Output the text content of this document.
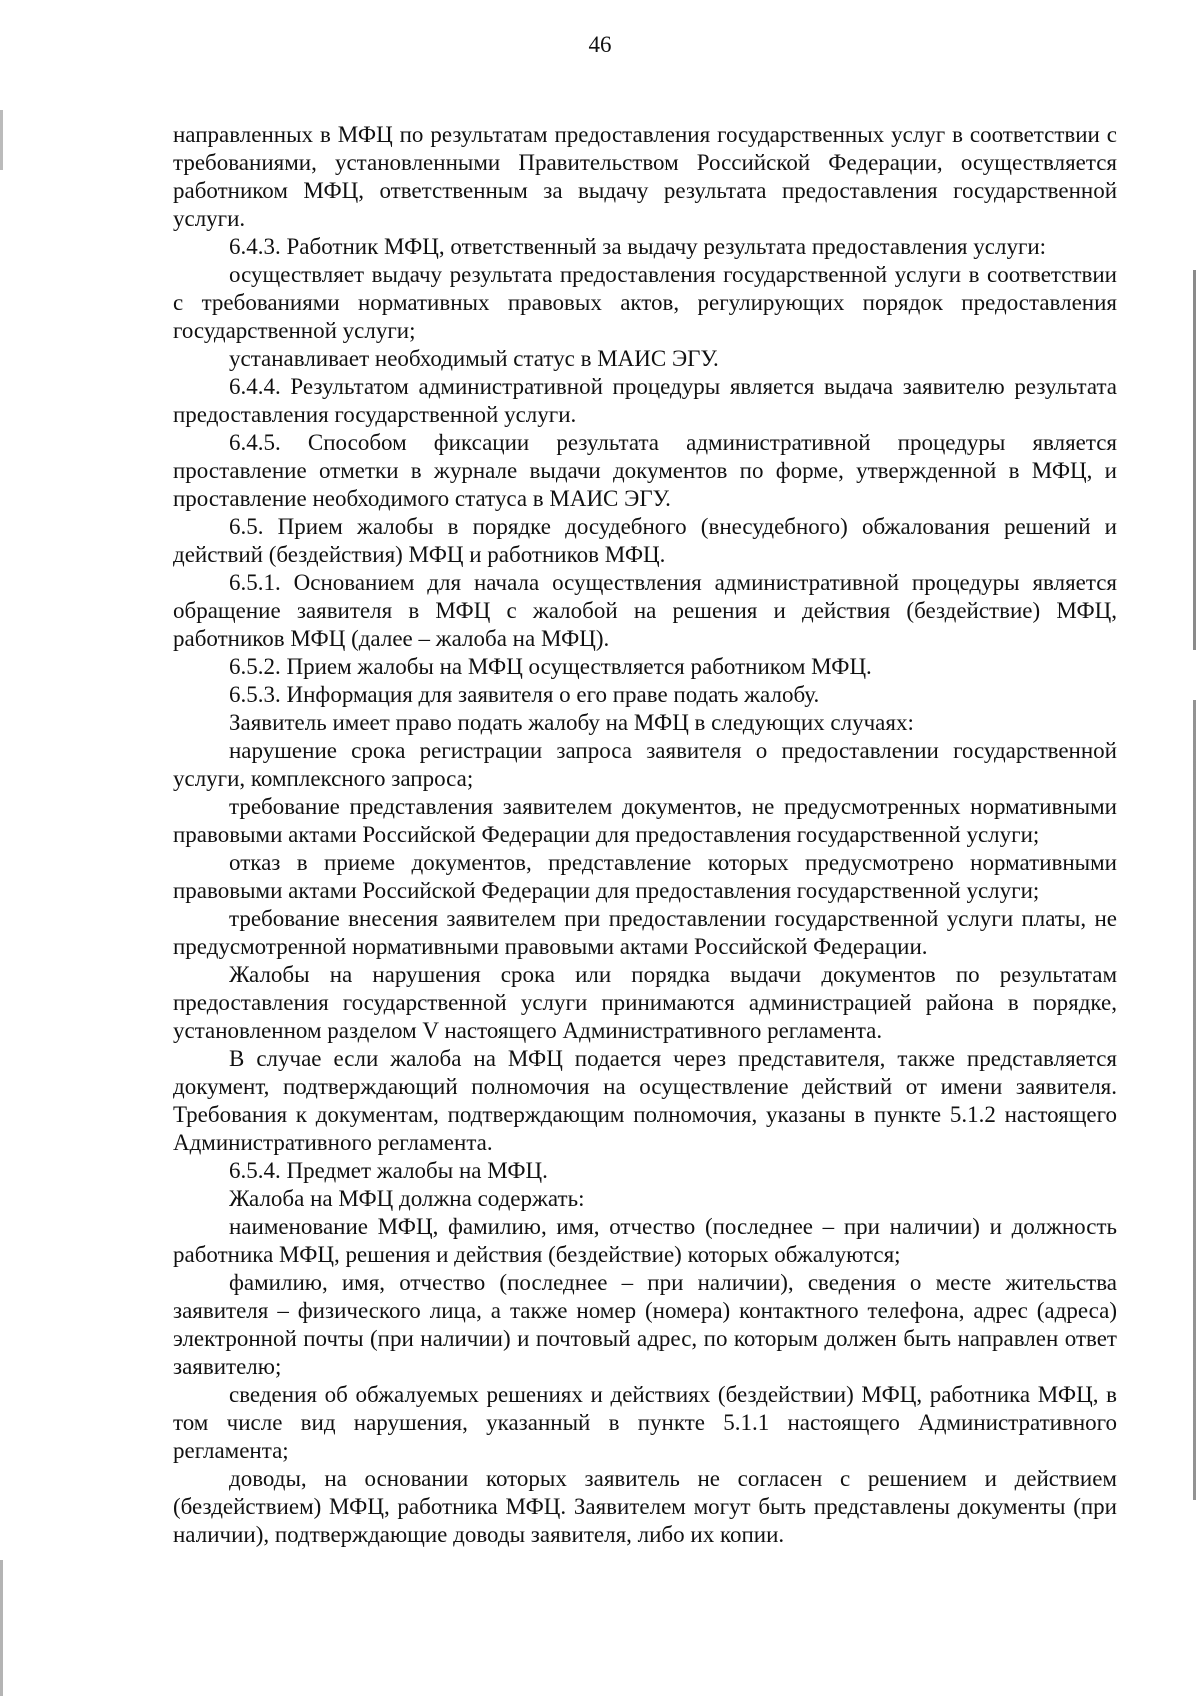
46

направленных в МФЦ по результатам предоставления государственных услуг в соответствии с требованиями, установленными Правительством Российской Федерации, осуществляется работником МФЦ, ответственным за выдачу результата предоставления государственной услуги.

6.4.3. Работник МФЦ, ответственный за выдачу результата предоставления услуги:

осуществляет выдачу результата предоставления государственной услуги в соответствии с требованиями нормативных правовых актов, регулирующих порядок предоставления государственной услуги;

устанавливает необходимый статус в МАИС ЭГУ.

6.4.4. Результатом административной процедуры является выдача заявителю результата предоставления государственной услуги.

6.4.5. Способом фиксации результата административной процедуры является проставление отметки в журнале выдачи документов по форме, утвержденной в МФЦ, и проставление необходимого статуса в МАИС ЭГУ.

6.5. Прием жалобы в порядке досудебного (внесудебного) обжалования решений и действий (бездействия) МФЦ и работников МФЦ.

6.5.1. Основанием для начала осуществления административной процедуры является обращение заявителя в МФЦ с жалобой на решения и действия (бездействие) МФЦ, работников МФЦ (далее – жалоба на МФЦ).

6.5.2. Прием жалобы на МФЦ осуществляется работником МФЦ.

6.5.3. Информация для заявителя о его праве подать жалобу.

Заявитель имеет право подать жалобу на МФЦ в следующих случаях:

нарушение срока регистрации запроса заявителя о предоставлении государственной услуги, комплексного запроса;

требование представления заявителем документов, не предусмотренных нормативными правовыми актами Российской Федерации для предоставления государственной услуги;

отказ в приеме документов, представление которых предусмотрено нормативными правовыми актами Российской Федерации для предоставления государственной услуги;

требование внесения заявителем при предоставлении государственной услуги платы, не предусмотренной нормативными правовыми актами Российской Федерации.

Жалобы на нарушения срока или порядка выдачи документов по результатам предоставления государственной услуги принимаются администрацией района в порядке, установленном разделом V настоящего Административного регламента.

В случае если жалоба на МФЦ подается через представителя, также представляется документ, подтверждающий полномочия на осуществление действий от имени заявителя. Требования к документам, подтверждающим полномочия, указаны в пункте 5.1.2 настоящего Административного регламента.

6.5.4. Предмет жалобы на МФЦ.

Жалоба на МФЦ должна содержать:

наименование МФЦ, фамилию, имя, отчество (последнее – при наличии) и должность работника МФЦ, решения и действия (бездействие) которых обжалуются;

фамилию, имя, отчество (последнее – при наличии), сведения о месте жительства заявителя – физического лица, а также номер (номера) контактного телефона, адрес (адреса) электронной почты (при наличии) и почтовый адрес, по которым должен быть направлен ответ заявителю;

сведения об обжалуемых решениях и действиях (бездействии) МФЦ, работника МФЦ, в том числе вид нарушения, указанный в пункте 5.1.1 настоящего Административного регламента;

доводы, на основании которых заявитель не согласен с решением и действием (бездействием) МФЦ, работника МФЦ. Заявителем могут быть представлены документы (при наличии), подтверждающие доводы заявителя, либо их копии.
